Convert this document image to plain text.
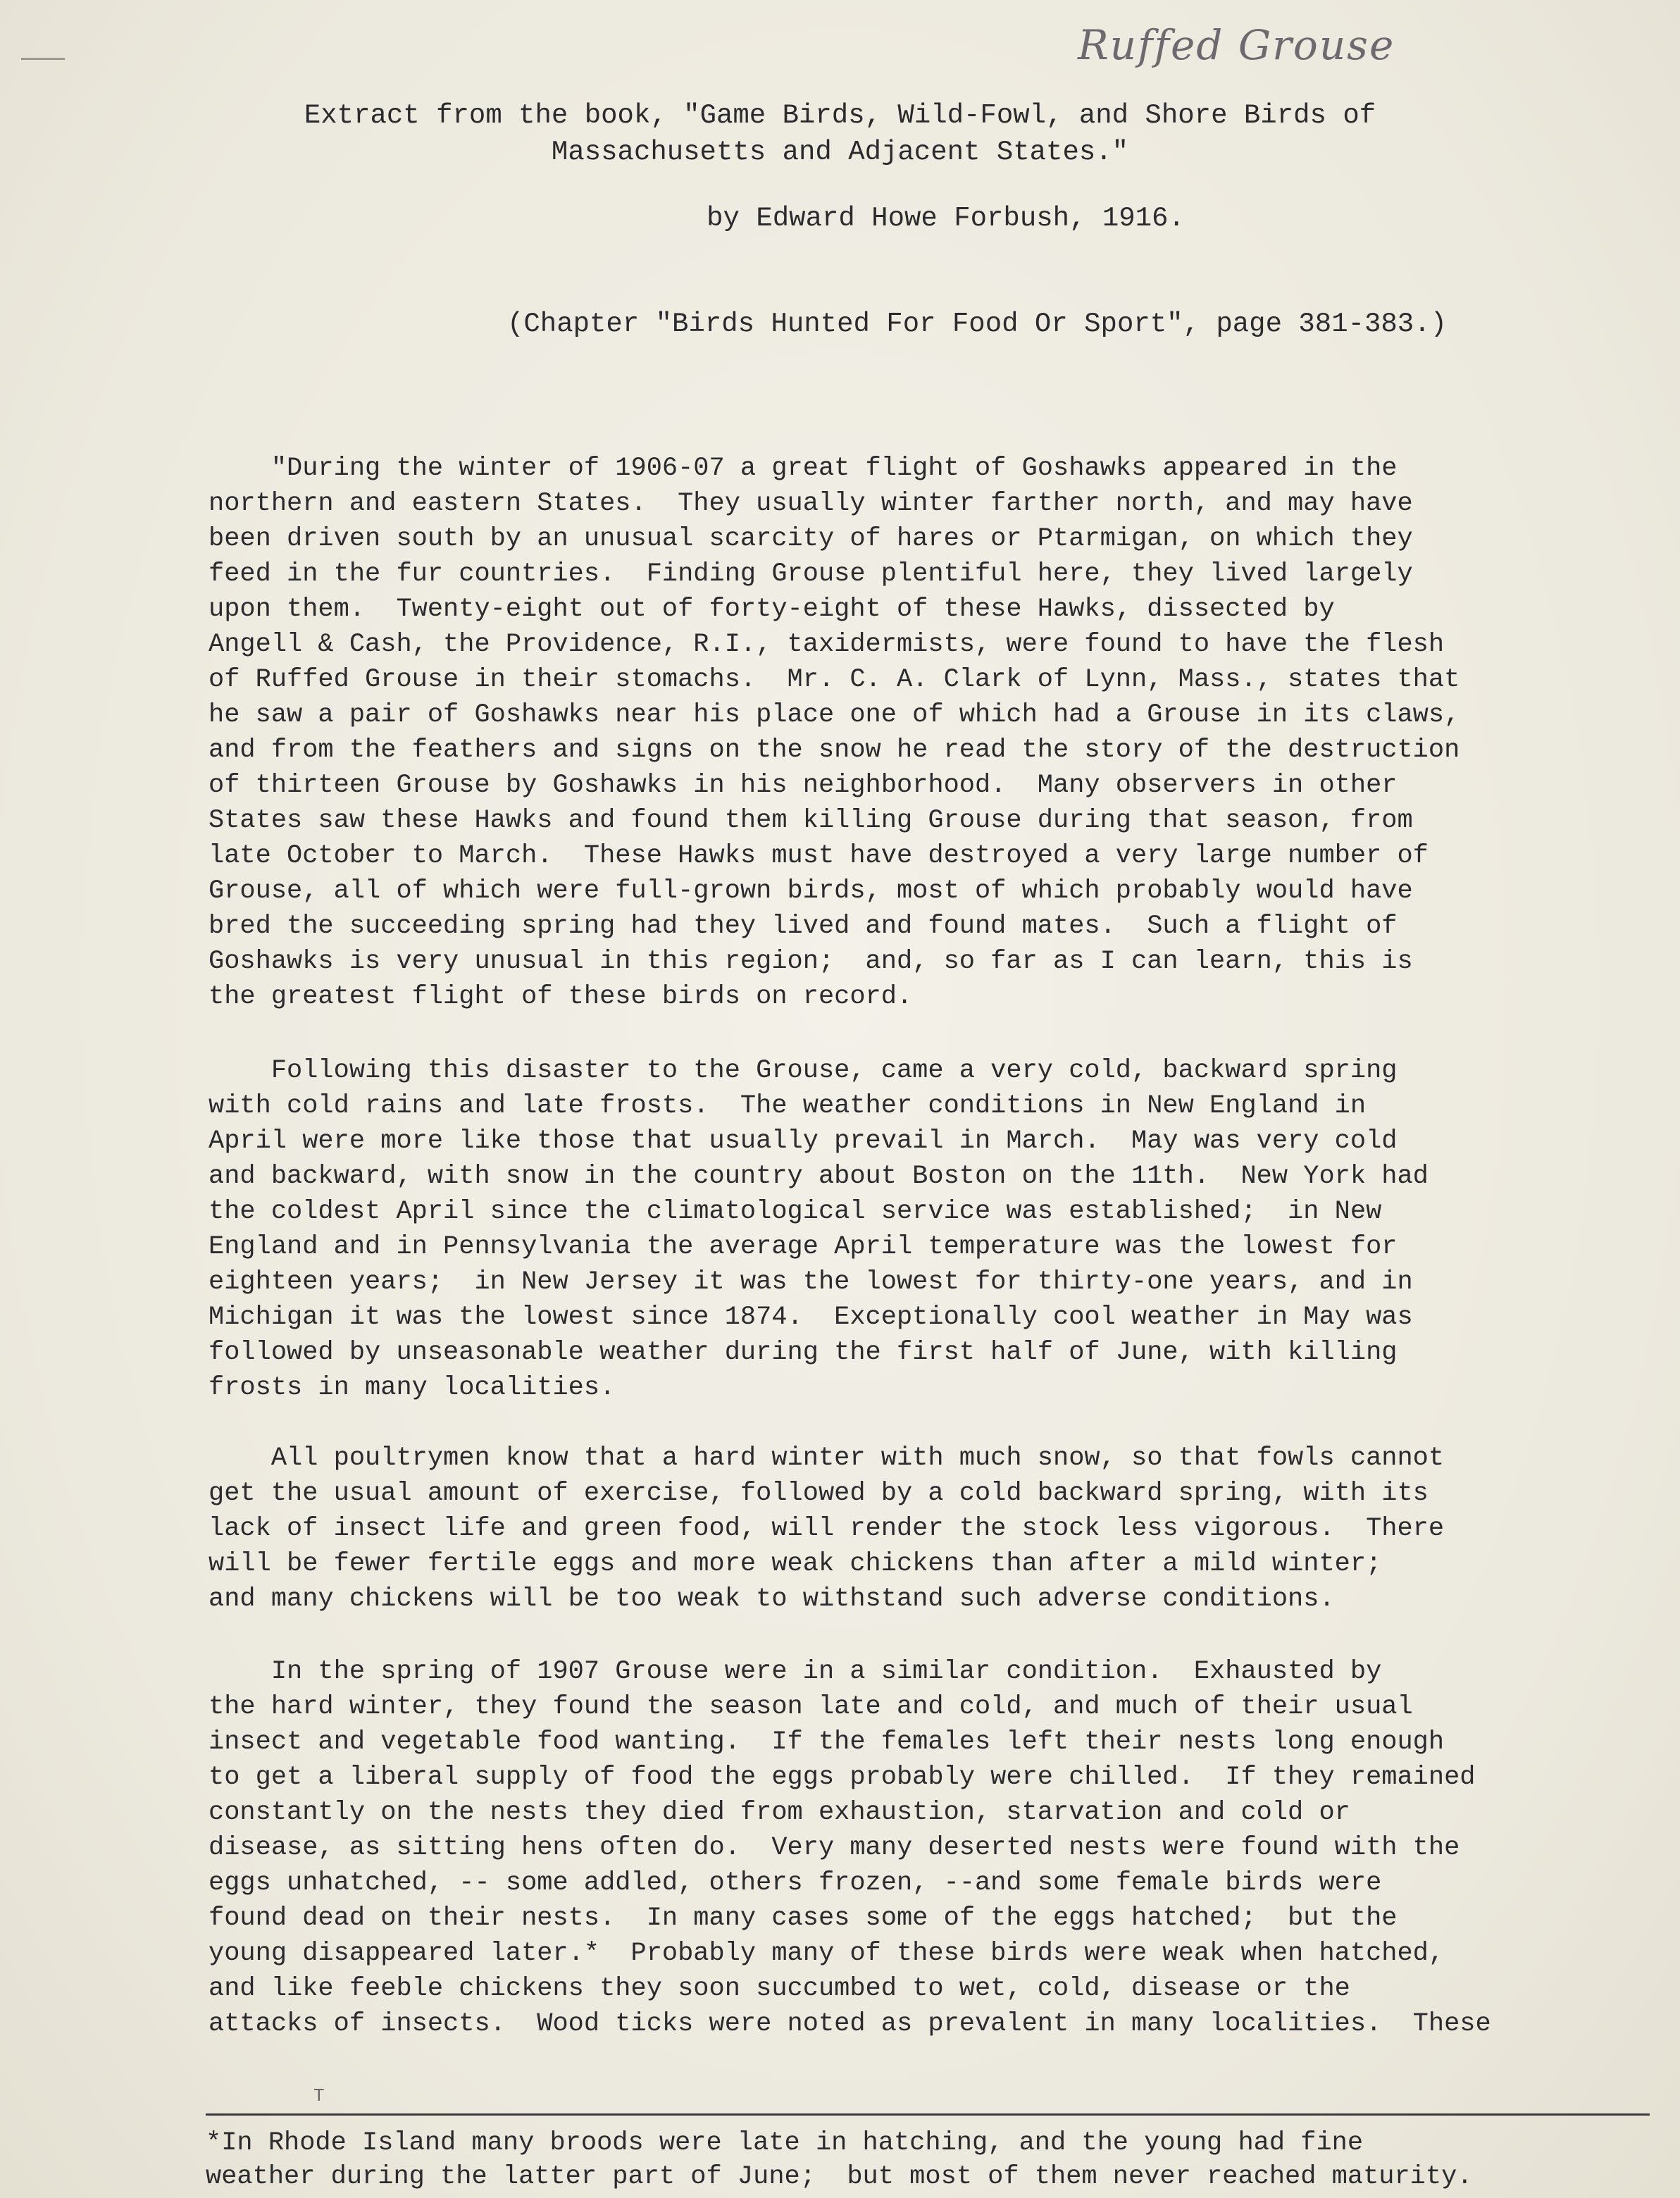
Ruffed Grouse
Extract from the book, "Game Birds, Wild-Fowl, and Shore Birds of
Massachusetts and Adjacent States."
by Edward Howe Forbush, 1916.
(Chapter "Birds Hunted For Food Or Sport", page 381-383.)
"During the winter of 1906-07 a great flight of Goshawks appeared in the
northern and eastern States.  They usually winter farther north, and may have
been driven south by an unusual scarcity of hares or Ptarmigan, on which they
feed in the fur countries.  Finding Grouse plentiful here, they lived largely
upon them.  Twenty-eight out of forty-eight of these Hawks, dissected by
Angell & Cash, the Providence, R.I., taxidermists, were found to have the flesh
of Ruffed Grouse in their stomachs.  Mr. C. A. Clark of Lynn, Mass., states that
he saw a pair of Goshawks near his place one of which had a Grouse in its claws,
and from the feathers and signs on the snow he read the story of the destruction
of thirteen Grouse by Goshawks in his neighborhood.  Many observers in other
States saw these Hawks and found them killing Grouse during that season, from
late October to March.  These Hawks must have destroyed a very large number of
Grouse, all of which were full-grown birds, most of which probably would have
bred the succeeding spring had they lived and found mates.  Such a flight of
Goshawks is very unusual in this region;  and, so far as I can learn, this is
the greatest flight of these birds on record.
Following this disaster to the Grouse, came a very cold, backward spring
with cold rains and late frosts.  The weather conditions in New England in
April were more like those that usually prevail in March.  May was very cold
and backward, with snow in the country about Boston on the 11th.  New York had
the coldest April since the climatological service was established;  in New
England and in Pennsylvania the average April temperature was the lowest for
eighteen years;  in New Jersey it was the lowest for thirty-one years, and in
Michigan it was the lowest since 1874.  Exceptionally cool weather in May was
followed by unseasonable weather during the first half of June, with killing
frosts in many localities.
All poultrymen know that a hard winter with much snow, so that fowls cannot
get the usual amount of exercise, followed by a cold backward spring, with its
lack of insect life and green food, will render the stock less vigorous.  There
will be fewer fertile eggs and more weak chickens than after a mild winter;
and many chickens will be too weak to withstand such adverse conditions.
In the spring of 1907 Grouse were in a similar condition.  Exhausted by
the hard winter, they found the season late and cold, and much of their usual
insect and vegetable food wanting.  If the females left their nests long enough
to get a liberal supply of food the eggs probably were chilled.  If they remained
constantly on the nests they died from exhaustion, starvation and cold or
disease, as sitting hens often do.  Very many deserted nests were found with the
eggs unhatched, -- some addled, others frozen, --and some female birds were
found dead on their nests.  In many cases some of the eggs hatched;  but the
young disappeared later.*  Probably many of these birds were weak when hatched,
and like feeble chickens they soon succumbed to wet, cold, disease or the
attacks of insects.  Wood ticks were noted as prevalent in many localities.  These
T
*In Rhode Island many broods were late in hatching, and the young had fine
weather during the latter part of June;  but most of them never reached maturity.
